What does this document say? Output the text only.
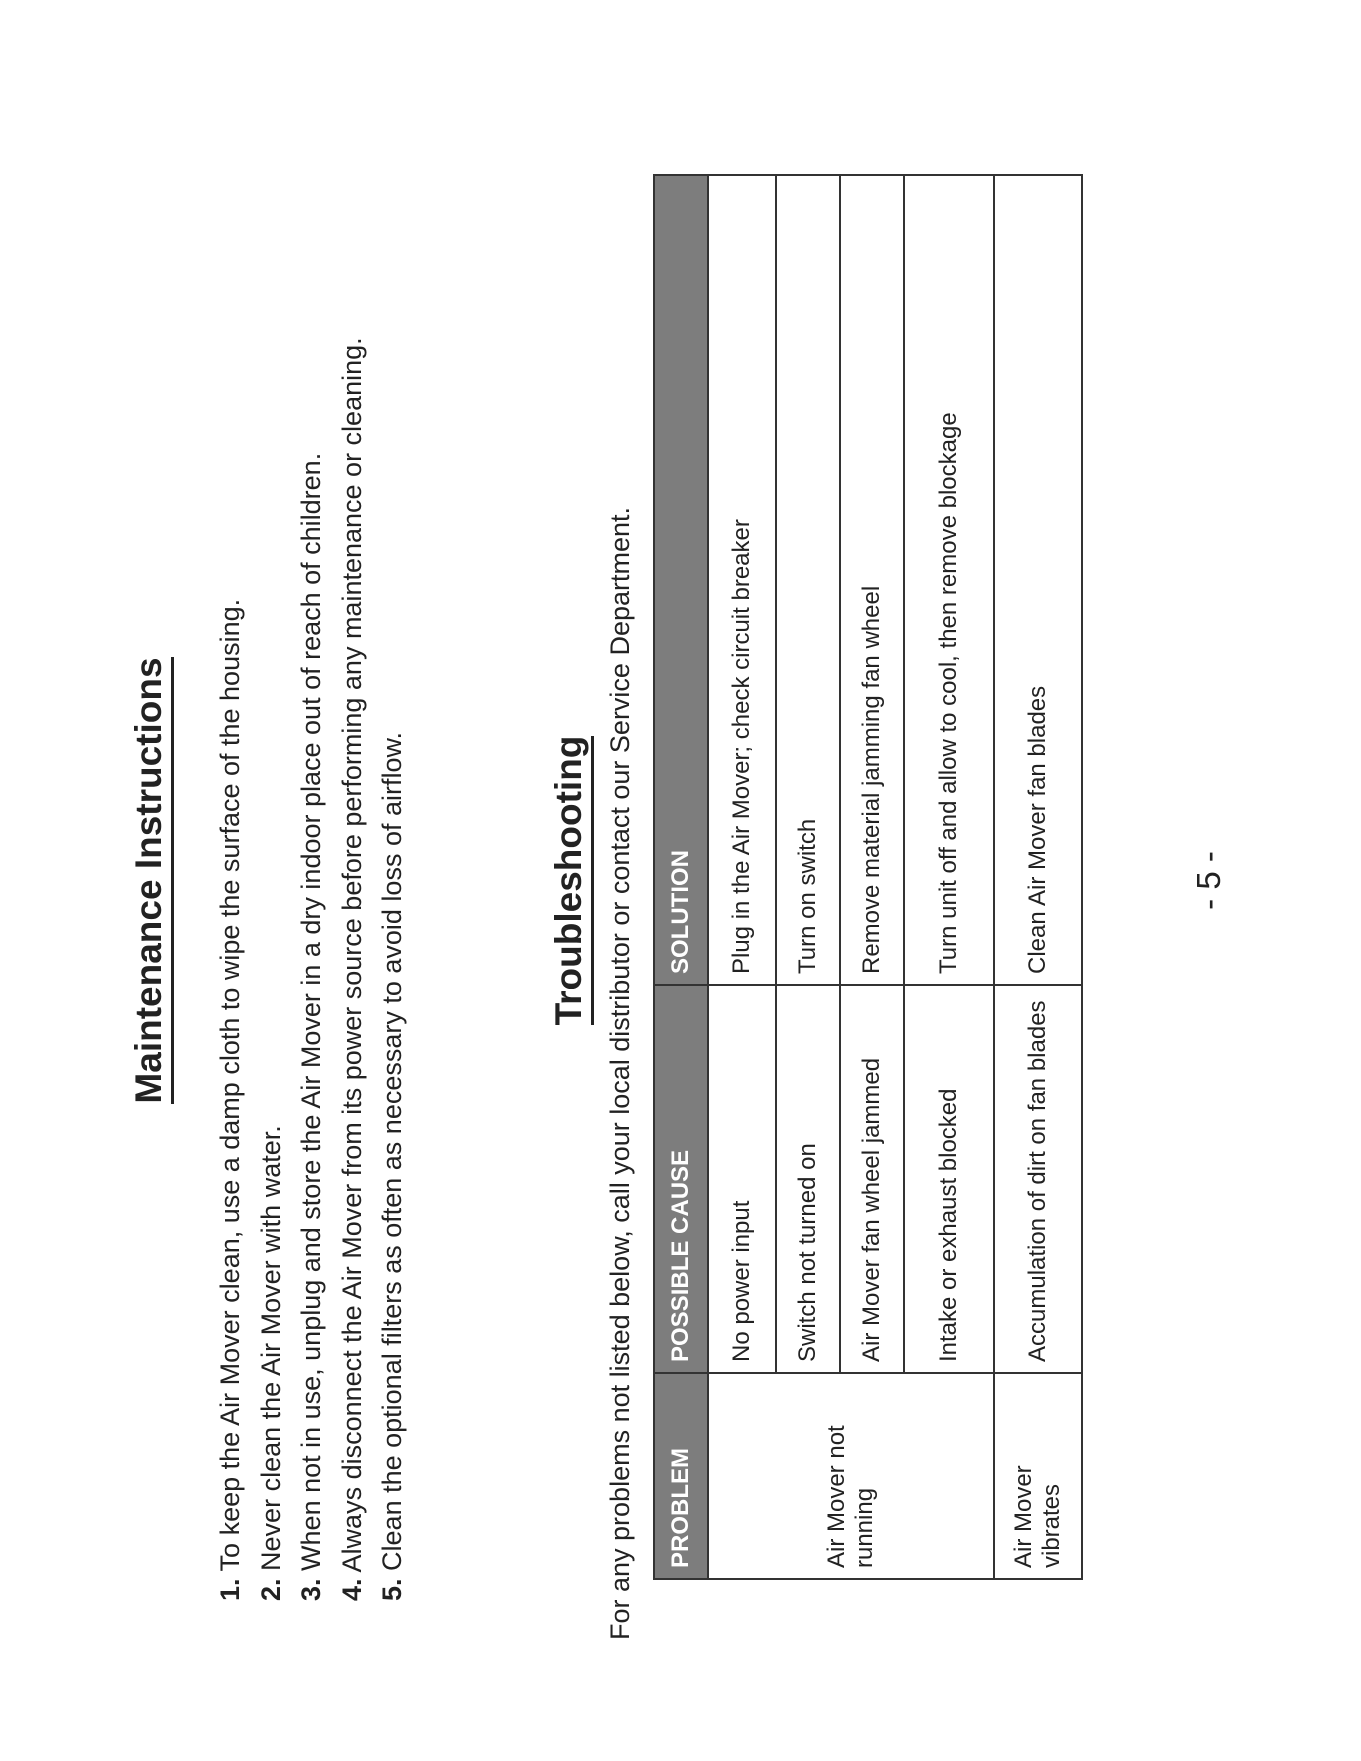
Maintenance Instructions
1. To keep the Air Mover clean, use a damp cloth to wipe the surface of the housing.
2. Never clean the Air Mover with water.
3. When not in use, unplug and store the Air Mover in a dry indoor place out of reach of children.
4. Always disconnect the Air Mover from its power source before performing any maintenance or cleaning.
5. Clean the optional filters as often as necessary to avoid loss of airflow.	Troubleshooting For any problems not listed below, call your local distributor or contact our Service Department. PROBLEM	POSSIBLE CAUSE	SOLUTION
Air Mover not running	No power input	Plug in the Air Mover; check circuit breaker
	Switch not turned on	Turn on switch
	Air Mover fan wheel jammed	Remove material jamming fan wheel
	Intake or exhaust blocked	Turn unit off and allow to cool, then remove blockage
Air Mover vibrates	Accumulation of dirt on fan blades	Clean Air Mover fan blades	- 5 -
